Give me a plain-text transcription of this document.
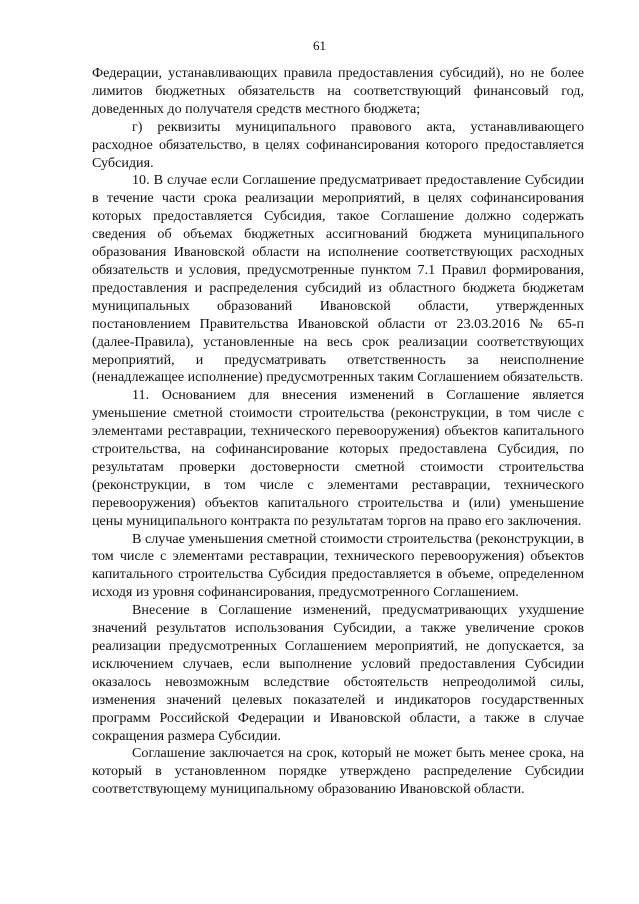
61

Федерации, устанавливающих правила предоставления субсидий), но не более лимитов бюджетных обязательств на соответствующий финансовый год, доведенных до получателя средств местного бюджета;

г) реквизиты муниципального правового акта, устанавливающего расходное обязательство, в целях софинансирования которого предоставляется Субсидия.

10. В случае если Соглашение предусматривает предоставление Субсидии в течение части срока реализации мероприятий, в целях софинансирования которых предоставляется Субсидия, такое Соглашение должно содержать сведения об объемах бюджетных ассигнований бюджета муниципального образования Ивановской области на исполнение соответствующих расходных обязательств и условия, предусмотренные пунктом 7.1 Правил формирования, предоставления и распределения субсидий из областного бюджета бюджетам муниципальных образований Ивановской области, утвержденных постановлением Правительства Ивановской области от 23.03.2016 № 65-п (далее-Правила), установленные на весь срок реализации соответствующих мероприятий, и предусматривать ответственность за неисполнение (ненадлежащее исполнение) предусмотренных таким Соглашением обязательств.

11. Основанием для внесения изменений в Соглашение является уменьшение сметной стоимости строительства (реконструкции, в том числе с элементами реставрации, технического перевооружения) объектов капитального строительства, на софинансирование которых предоставлена Субсидия, по результатам проверки достоверности сметной стоимости строительства (реконструкции, в том числе с элементами реставрации, технического перевооружения) объектов капитального строительства и (или) уменьшение цены муниципального контракта по результатам торгов на право его заключения.

В случае уменьшения сметной стоимости строительства (реконструкции, в том числе с элементами реставрации, технического перевооружения) объектов капитального строительства Субсидия предоставляется в объеме, определенном исходя из уровня софинансирования, предусмотренного Соглашением.

Внесение в Соглашение изменений, предусматривающих ухудшение значений результатов использования Субсидии, а также увеличение сроков реализации предусмотренных Соглашением мероприятий, не допускается, за исключением случаев, если выполнение условий предоставления Субсидии оказалось невозможным вследствие обстоятельств непреодолимой силы, изменения значений целевых показателей и индикаторов государственных программ Российской Федерации и Ивановской области, а также в случае сокращения размера Субсидии.

Соглашение заключается на срок, который не может быть менее срока, на который в установленном порядке утверждено распределение Субсидии соответствующему муниципальному образованию Ивановской области.
